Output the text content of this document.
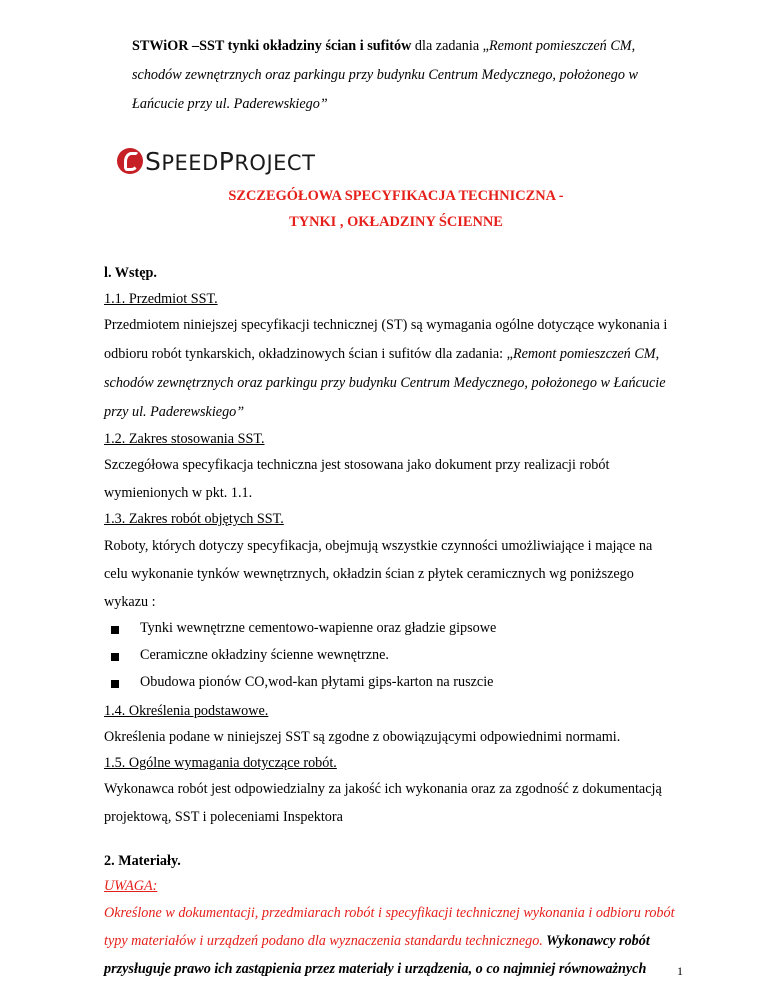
STWiOR –SST tynki okładziny ścian i sufitów dla zadania „Remont pomieszczeń CM,
schodów zewnętrznych oraz parkingu przy budynku Centrum Medycznego, położonego w
Łańcucie przy ul. Paderewskiego”
SPEEDPROJECT
SZCZEGÓŁOWA SPECYFIKACJA TECHNICZNA -
TYNKI , OKŁADZINY ŚCIENNE
l. Wstęp.
1.1. Przedmiot SST.
Przedmiotem niniejszej specyfikacji technicznej (ST) są wymagania ogólne dotyczące wykonania i
odbioru robót tynkarskich, okładzinowych ścian i sufitów dla zadania: „Remont pomieszczeń CM,
schodów zewnętrznych oraz parkingu przy budynku Centrum Medycznego, położonego w Łańcucie
przy ul. Paderewskiego”
1.2. Zakres stosowania SST.
Szczegółowa specyfikacja techniczna jest stosowana jako dokument przy realizacji robót
wymienionych w pkt. 1.1.
1.3. Zakres robót objętych SST.
Roboty, których dotyczy specyfikacja, obejmują wszystkie czynności umożliwiające i mające na
celu wykonanie tynków wewnętrznych, okładzin ścian z płytek ceramicznych wg poniższego
wykazu :
Tynki wewnętrzne cementowo-wapienne oraz gładzie gipsowe
Ceramiczne okładziny ścienne wewnętrzne.
Obudowa pionów CO,wod-kan płytami gips-karton na ruszcie
1.4. Określenia podstawowe.
Określenia podane w niniejszej SST są zgodne z obowiązującymi odpowiednimi normami.
1.5. Ogólne wymagania dotyczące robót.
Wykonawca robót jest odpowiedzialny za jakość ich wykonania oraz za zgodność z dokumentacją
projektową, SST i poleceniami Inspektora
2. Materiały.
UWAGA:
Określone w dokumentacji, przedmiarach robót i specyfikacji technicznej wykonania i odbioru robót
typy materiałów i urządzeń podano dla wyznaczenia standardu technicznego. Wykonawcy robót
przysługuje prawo ich zastąpienia przez materiały i urządzenia, o co najmniej równoważnych	1
